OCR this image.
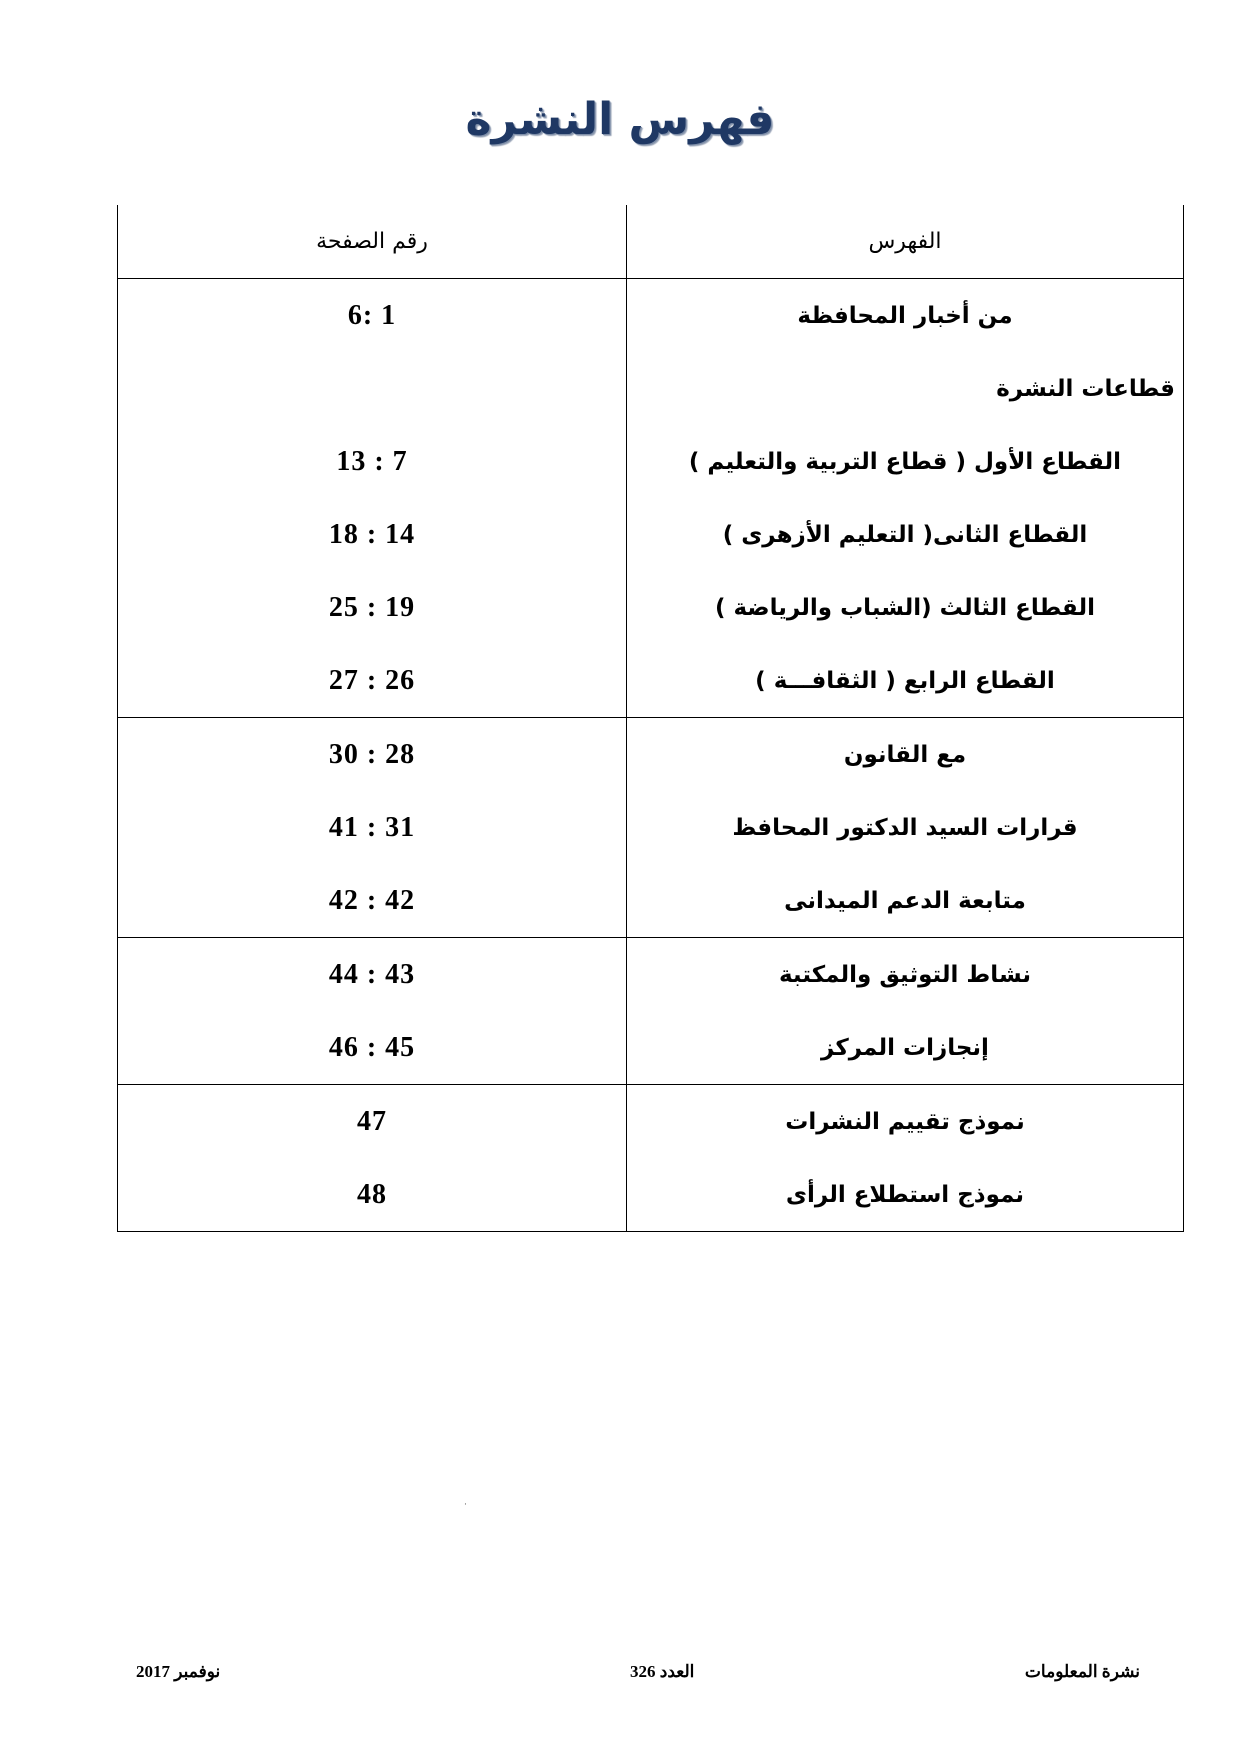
فهرس النشرة
الفهرس	رقم الصفحة
من أخبار المحافظة	6: 1
قطاعات النشرة	
القطاع الأول ( قطاع التربية والتعليم )	13 : 7
القطاع الثانى( التعليم الأزهرى )	18 : 14
القطاع الثالث (الشباب والرياضة )	25 : 19
القطاع الرابع ( الثقافـــة )	27 : 26
مع القانون	30 : 28
قرارات السيد الدكتور المحافظ	41 : 31
متابعة الدعم الميدانى	42 : 42
نشاط التوثيق والمكتبة	44 : 43
إنجازات المركز	46 : 45
نموذج تقييم النشرات	47
نموذج استطلاع الرأى	48
·
نشرة المعلومات
العدد 326
نوفمبر 2017
